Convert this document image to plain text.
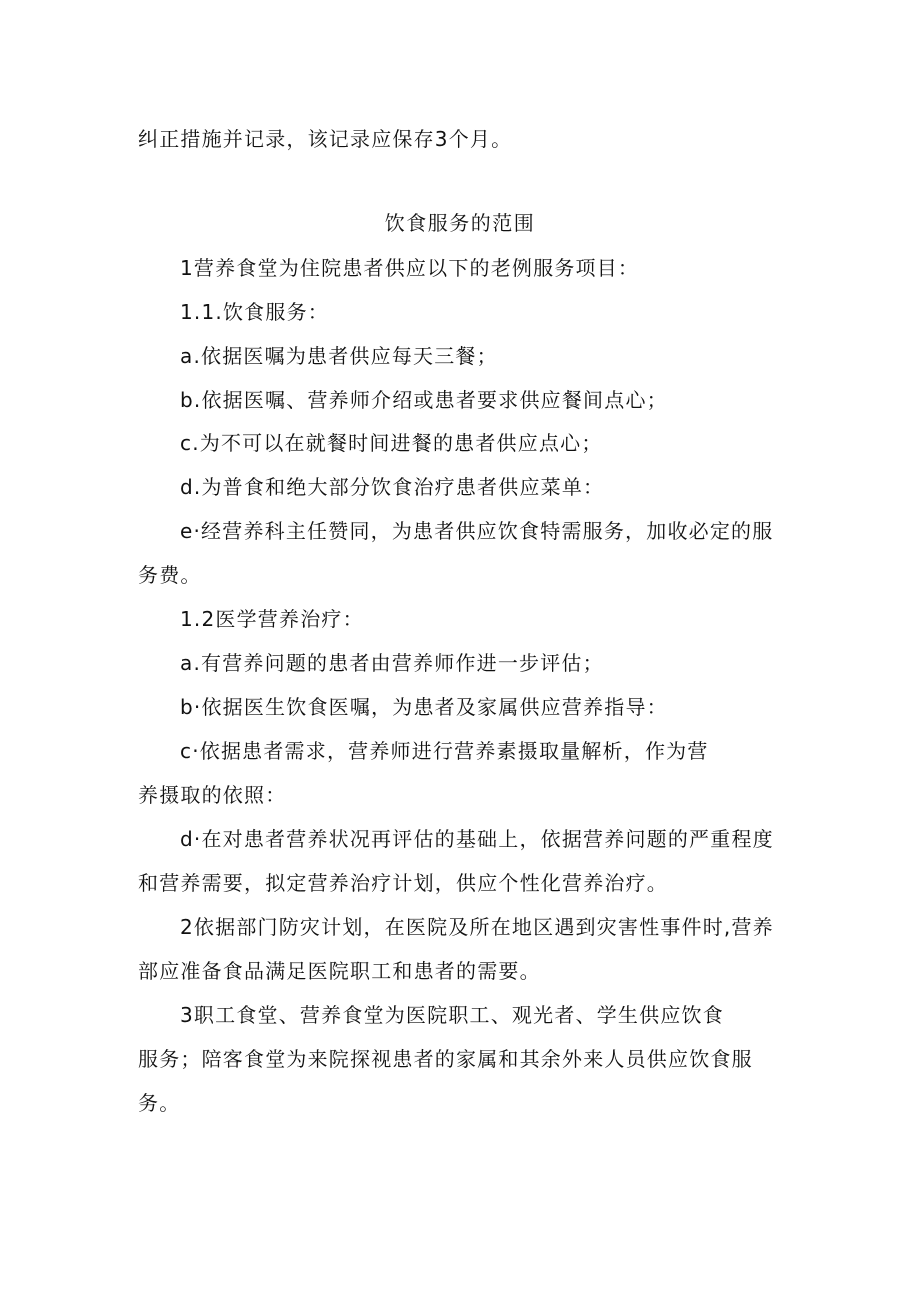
纠正措施并记录，该记录应保存3个月。
饮食服务的范围
1营养食堂为住院患者供应以下的老例服务项目：
1.1.饮食服务：
a.依据医嘱为患者供应每天三餐；
b.依据医嘱、营养师介绍或患者要求供应餐间点心；
c.为不可以在就餐时间进餐的患者供应点心；
d.为普食和绝大部分饮食治疗患者供应菜单：
e·经营养科主任赞同，为患者供应饮食特需服务，加收必定的服
务费。
1.2医学营养治疗：
a.有营养问题的患者由营养师作进一步评估；
b·依据医生饮食医嘱，为患者及家属供应营养指导：
c·依据患者需求，营养师进行营养素摄取量解析，作为营
养摄取的依照：
d·在对患者营养状况再评估的基础上，依据营养问题的严重程度
和营养需要，拟定营养治疗计划，供应个性化营养治疗。
2依据部门防灾计划，在医院及所在地区遇到灾害性事件时,营养
部应准备食品满足医院职工和患者的需要。
3职工食堂、营养食堂为医院职工、观光者、学生供应饮食
服务；陪客食堂为来院探视患者的家属和其余外来人员供应饮食服
务。
